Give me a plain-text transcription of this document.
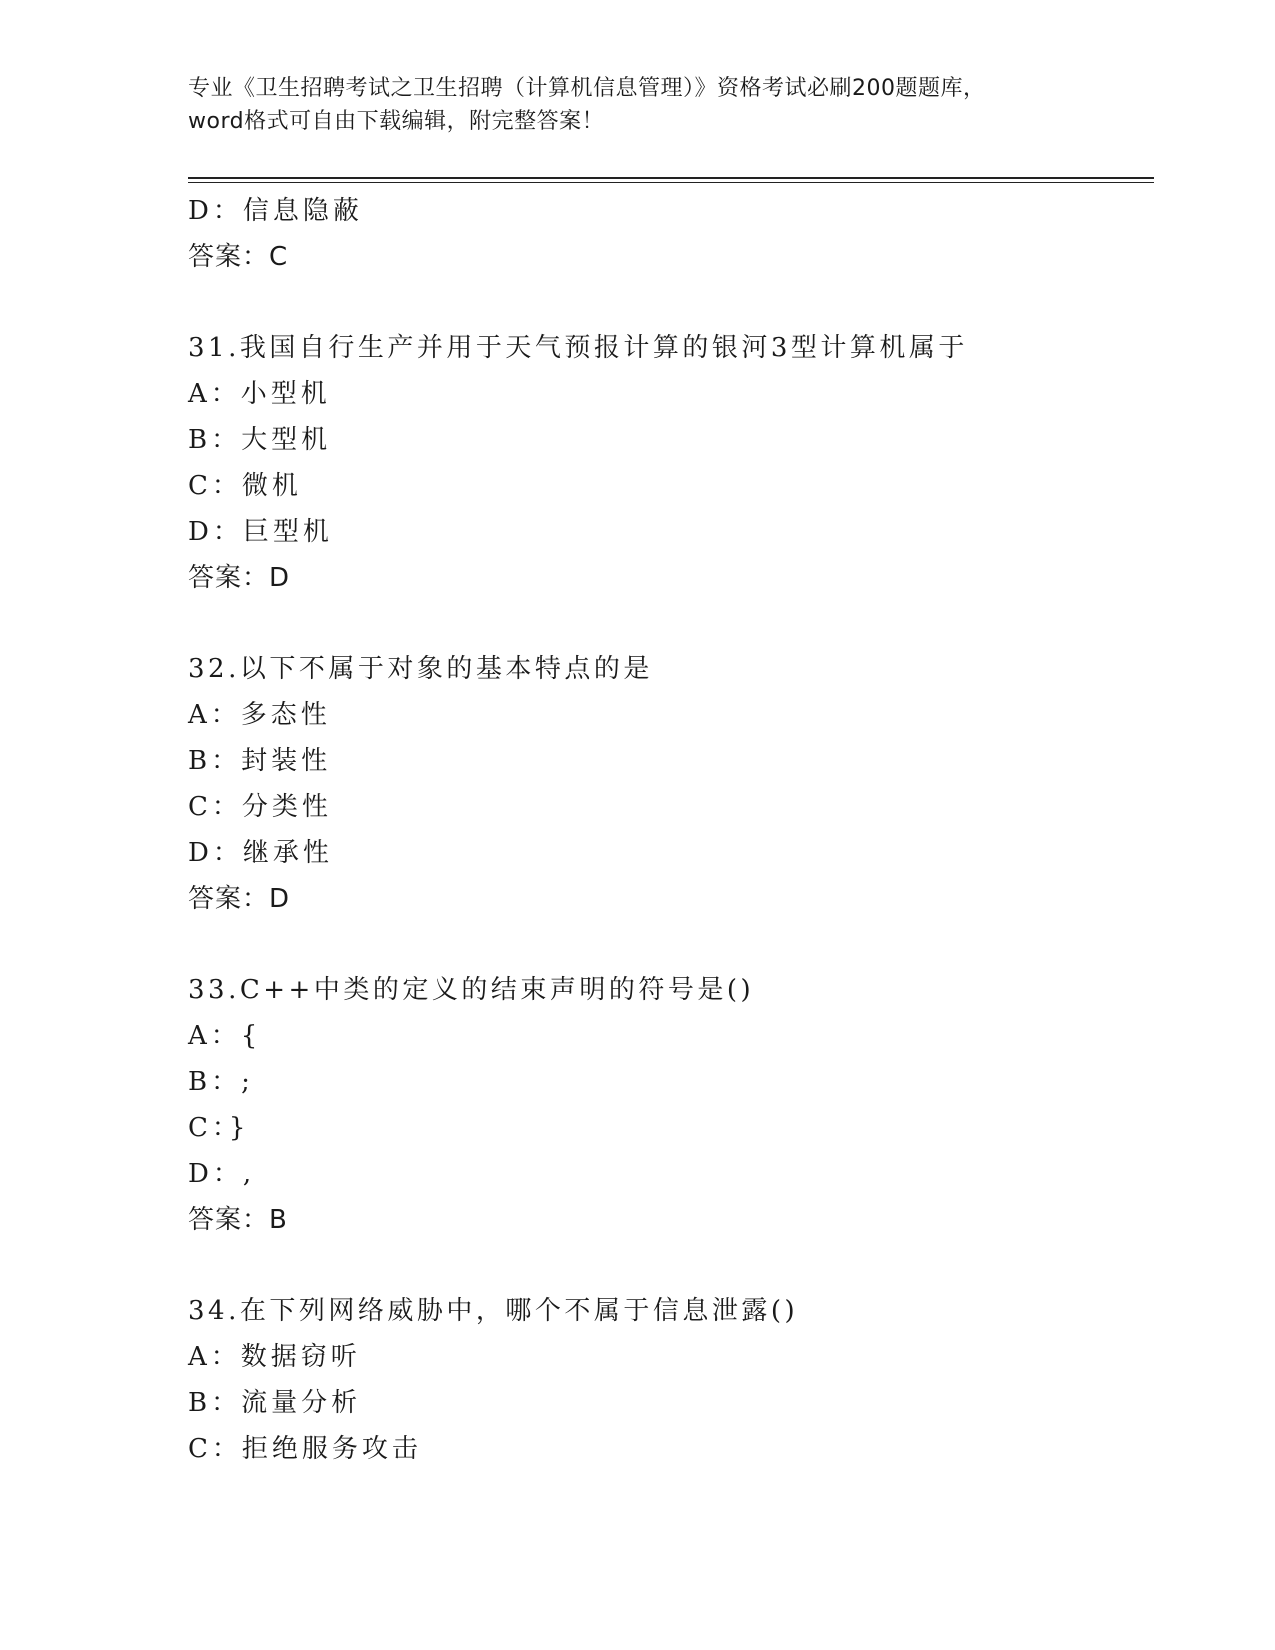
专业《卫生招聘考试之卫生招聘（计算机信息管理）》资格考试必刷200题题库，
word格式可自由下载编辑，附完整答案！
D：信息隐蔽
答案：C
31.我国自行生产并用于天气预报计算的银河3型计算机属于
A：小型机
B：大型机
C：微机
D：巨型机
答案：D
32.以下不属于对象的基本特点的是
A：多态性
B：封装性
C：分类性
D：继承性
答案：D
33.C++中类的定义的结束声明的符号是()
A：{
B：;
C：}
D：,
答案：B
34.在下列网络威胁中，哪个不属于信息泄露()
A：数据窃听
B：流量分析
C：拒绝服务攻击
